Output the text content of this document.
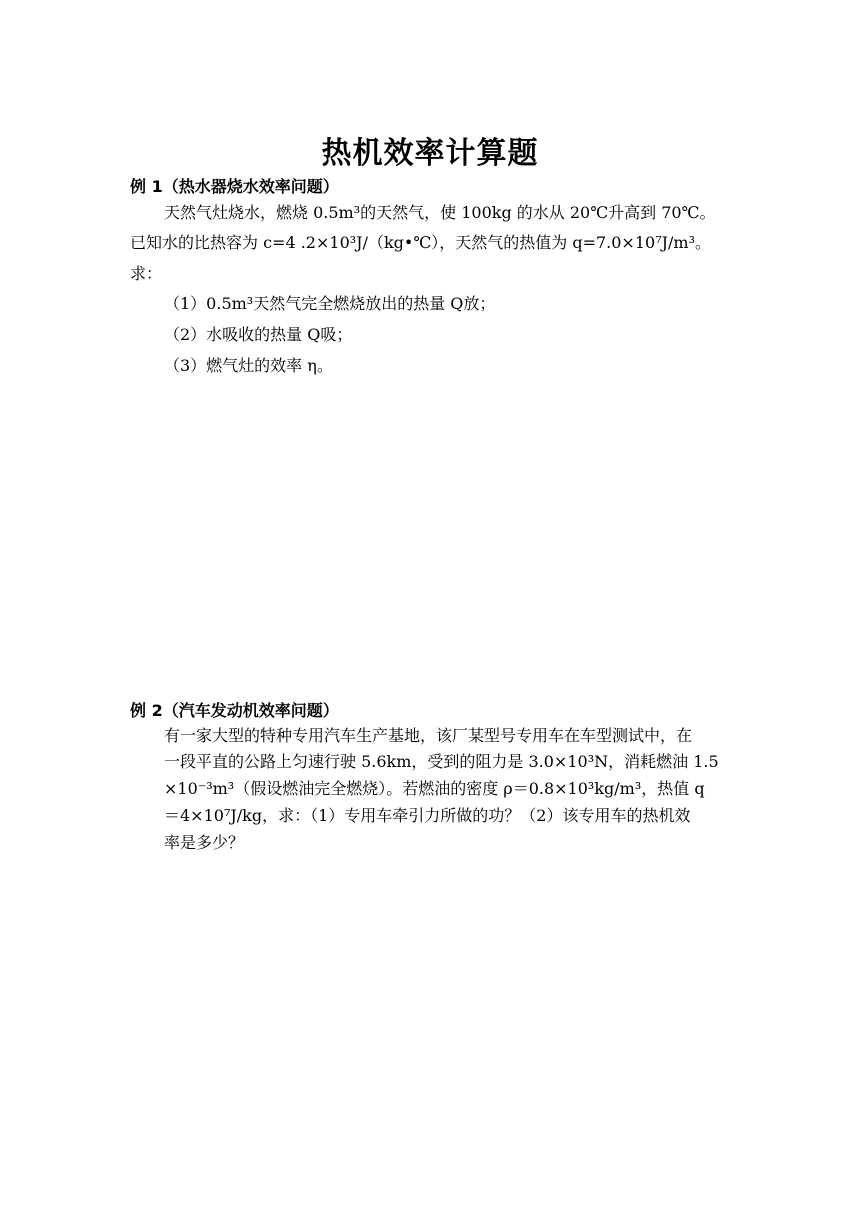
热机效率计算题
例 1（热水器烧水效率问题）
天然气灶烧水，燃烧 0.5m³的天然气，使 100kg 的水从 20℃升高到 70℃。
已知水的比热容为 c=4 .2×10³J/（kg•℃），天然气的热值为 q=7.0×10⁷J/m³。
求：
（1）0.5m³天然气完全燃烧放出的热量 Q放；
（2）水吸收的热量 Q吸；
（3）燃气灶的效率 η。
例 2（汽车发动机效率问题）
有一家大型的特种专用汽车生产基地，该厂某型号专用车在车型测试中，在
一段平直的公路上匀速行驶 5.6km，受到的阻力是 3.0×10³N，消耗燃油 1.5
×10⁻³m³（假设燃油完全燃烧）。若燃油的密度 ρ＝0.8×10³kg/m³，热值 q
＝4×10⁷J/kg，求：（1）专用车牵引力所做的功？（2）该专用车的热机效
率是多少？
